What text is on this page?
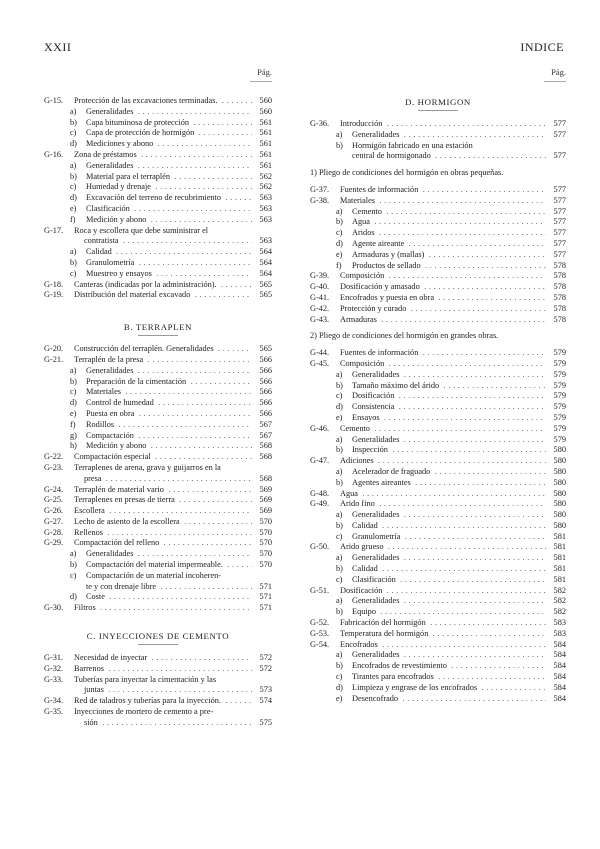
XXII	INDICE
Pág.
G-15.	Protección de las excavaciones terminadas. . . .	560
a)	Generalidades . . .	560
b)	Capa bituminosa de protección . . .	561
c)	Capa de protección de hormigón . . .	561
d)	Mediciones y abono . . .	561
G-16.	Zona de préstamos . . .	561
a)	Generalidades . . .	561
b)	Material para el terraplén . . .	562
c)	Humedad y drenaje . . .	562
d)	Excavación del terreno de recubrimiento . . .	563
e)	Clasificación . . .	563
f)	Medición y abono . . .	563
G-17.	Roca y escollera que debe suministrar el
contratista . . .	563
a)	Calidad . . .	564
b)	Granulometría . . .	564
c)	Muestreo y ensayos . . .	564
G-18.	Canteras (indicadas por la administración). . . .	565
G-19.	Distribución del material excavado . . .	565
B. TERRAPLEN
G-20.	Construcción del terraplén. Generalidades . . .	565
G-21.	Terraplén de la presa . . .	566
a)	Generalidades . . .	566
b)	Preparación de la cimentación . . .	566
c)	Materiales . . .	566
d)	Control de humedad . . .	566
e)	Puesta en obra . . .	566
f)	Rodillos . . .	567
g)	Compactación . . .	567
h)	Medición y abono . . .	568
G-22.	Compactación especial . . .	568
G-23.	Terraplenes de arena, grava y guijarros en la
presa . . .	568
G-24.	Terraplén de material vario . . .	569
G-25.	Terraplenes en presas de tierra . . .	569
G-26.	Escollera . . .	569
G-27.	Lecho de asiento de la escollera . . .	570
G-28.	Rellenos . . .	570
G-29.	Compactación del relleno . . .	570
a)	Generalidades . . .	570
b)	Compactación del material impermeable. . . .	570
c)	Compactación de un material incoheren-
te y con drenaje libre . . .	571
d)	Coste . . .	571
G-30.	Filtros . . .	571
C. INYECCIONES DE CEMENTO
G-31.	Necesidad de inyectar . . .	572
G-32.	Barrenos . . .	572
G-33.	Tuberías para inyectar la cimentación y las
juntas . . .	573
G-34.	Red de taladros y tuberías para la inyección. . . .	574
G-35.	Inyecciones de mortero de cemento a pre-
sión . . .	575
Pág.
D. HORMIGON
G-36.	Introducción . . .	577
a)	Generalidades . . .	577
b)	Hormigón fabricado en una estación
central de hormigonado . . .	577
1) Pliego de condiciones del hormigón en obras pequeñas.
G-37.	Fuentes de información . . .	577
G-38.	Materiales . . .	577
a)	Cemento . . .	577
b)	Agua . . .	577
c)	Aridos . . .	577
d)	Agente aireante . . .	577
e)	Armaduras y (mallas) . . .	577
f)	Productos de sellado . . .	578
G-39.	Composición . . .	578
G-40.	Dosificación y amasado . . .	578
G-41.	Encofrados y puesta en obra . . .	578
G-42.	Protección y curado . . .	578
G-43.	Armaduras . . .	578
2) Pliego de condiciones del hormigón en grandes obras.
G-44.	Fuentes de información . . .	579
G-45.	Composición . . .	579
a)	Generalidades . . .	579
b)	Tamaño máximo del árido . . .	579
c)	Dosificación . . .	579
d)	Consistencia . . .	579
e)	Ensayos . . .	579
G-46.	Cemento . . .	579
a)	Generalidades . . .	579
b)	Inspección . . .	580
G-47.	Adiciones . . .	580
a)	Acelerador de fraguado . . .	580
b)	Agentes aireantes . . .	580
G-48.	Agua . . .	580
G-49.	Arido fino . . .	580
a)	Generalidades . . .	580
b)	Calidad . . .	580
c)	Granulometría . . .	581
G-50.	Arido grueso . . .	581
a)	Generalidades . . .	581
b)	Calidad . . .	581
c)	Clasificación . . .	581
G-51.	Dosificación . . .	582
a)	Generalidades . . .	582
b)	Equipo . . .	582
G-52.	Fabricación del hormigón . . .	583
G-53.	Temperatura del hormigón . . .	583
G-54.	Encofrados . . .	584
a)	Generalidades . . .	584
b)	Encofrados de revestimiento . . .	584
c)	Tirantes para encofrados . . .	584
d)	Limpieza y engrase de los encofrados . . .	584
e)	Desencofrado . . .	584
